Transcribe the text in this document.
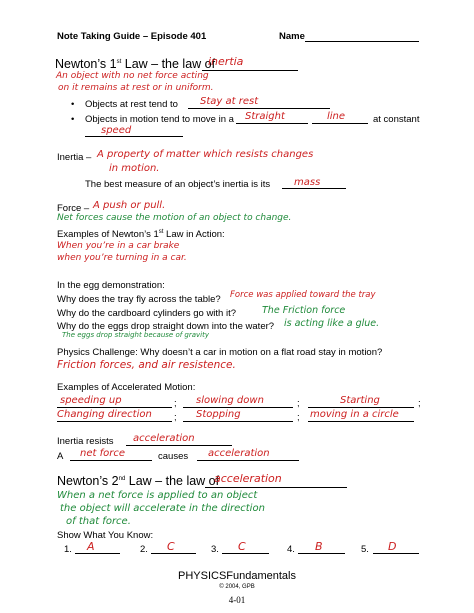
Note Taking Guide – Episode 401	Name
Newton’s 1st Law – the law of
inertia
An object with no net force acting
on it remains at rest or in uniform.
• Objects at rest tend to Stay at rest
• Objects in motion tend to move in a Straight	line	at constant
speed
Inertia – A property of matter which resists changes
in motion.
The best measure of an object’s inertia is its mass
Force – A push or pull.
Net forces cause the motion of an object to change.
Examples of Newton’s 1st Law in Action:
When you’re in a car brake
when you’re turning in a car.
In the egg demonstration:
Why does the tray fly across the table? Force was applied toward the tray
Why do the cardboard cylinders go with it?	The Friction force
Why do the eggs drop straight down into the water? is acting like a glue.
The eggs drop straight because of gravity
Physics Challenge: Why doesn’t a car in motion on a flat road stay in motion?
Friction forces, and air resistence.
Examples of Accelerated Motion:
speeding up	; slowing down	;	Starting	;
Changing direction ; Stopping	; moving in a circle
Inertia resists acceleration
A net force	causes acceleration
Newton’s 2nd Law – the law of
acceleration
When a net force is applied to an object
the object will accelerate in the direction
of that force.
Show What You Know:
1. A	2. C	3. C	4. B	5. D
PHYSICSFundamentals
© 2004, GPB
4-01
